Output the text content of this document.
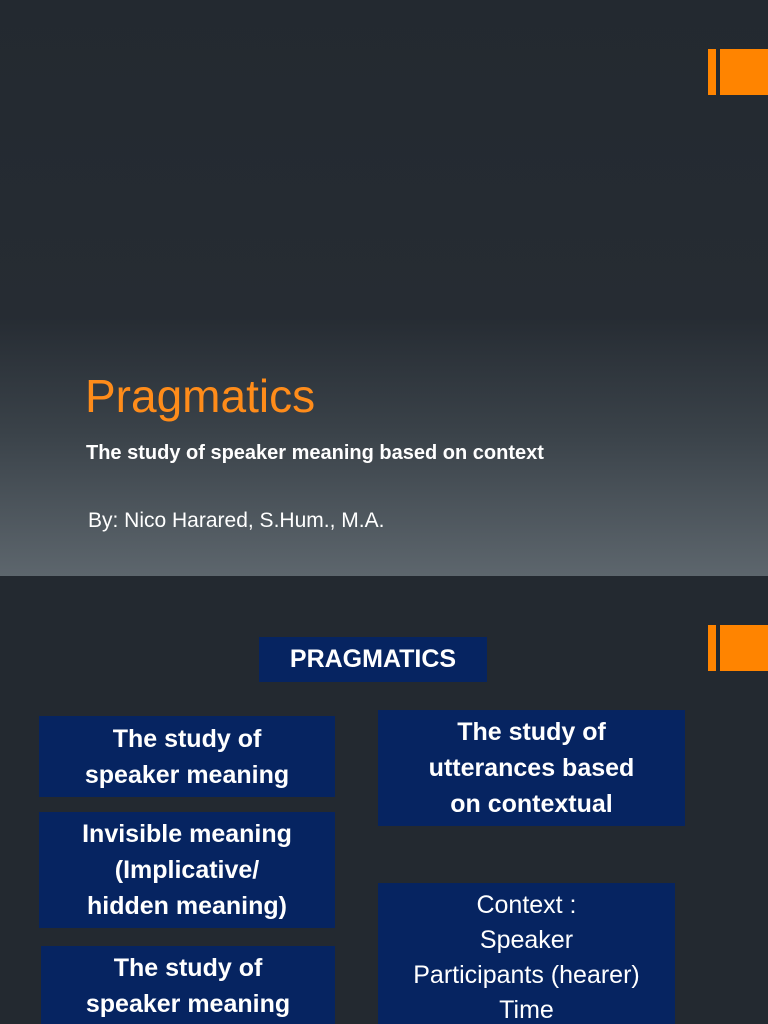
Pragmatics
The study of speaker meaning based on context
By: Nico Harared, S.Hum., M.A.
PRAGMATICS
The study of
speaker meaning
Invisible meaning
(Implicative/
hidden meaning)
The study of
speaker meaning
The study of
utterances based
on contextual
Context :
Speaker
Participants (hearer)
Time
